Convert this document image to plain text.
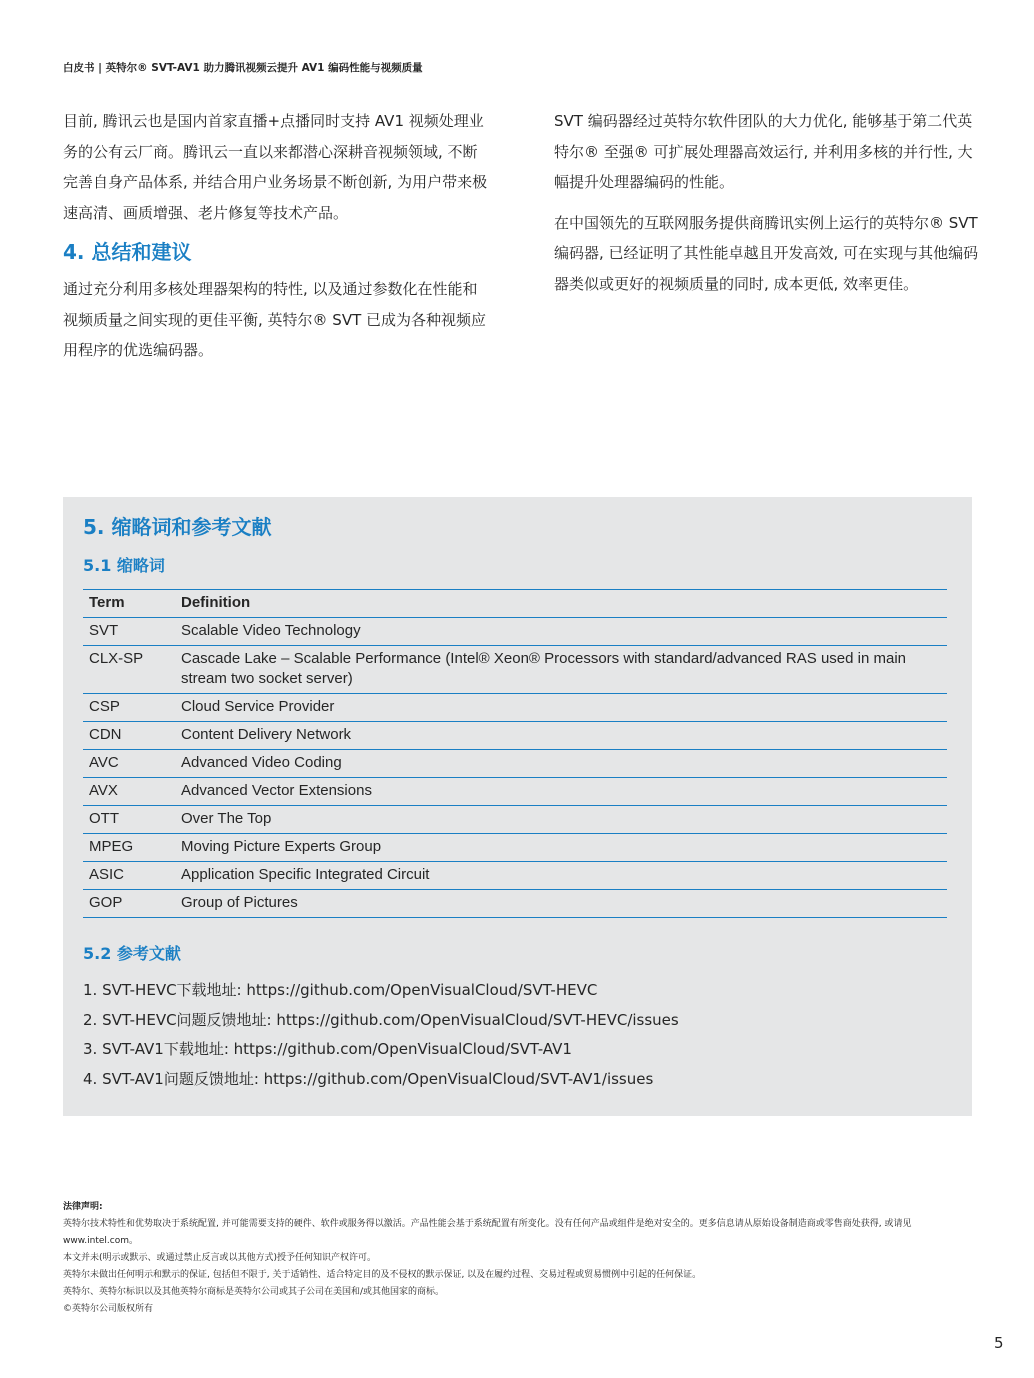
白皮书 | 英特尔® SVT-AV1 助力腾讯视频云提升 AV1 编码性能与视频质量

目前, 腾讯云也是国内首家直播+点播同时支持 AV1 视频处理业务的公有云厂商。腾讯云一直以来都潜心深耕音视频领域, 不断完善自身产品体系, 并结合用户业务场景不断创新, 为用户带来极速高清、画质增强、老片修复等技术产品。

4. 总结和建议

通过充分利用多核处理器架构的特性, 以及通过参数化在性能和视频质量之间实现的更佳平衡, 英特尔® SVT 已成为各种视频应用程序的优选编码器。

SVT 编码器经过英特尔软件团队的大力优化, 能够基于第二代英特尔® 至强® 可扩展处理器高效运行, 并利用多核的并行性, 大幅提升处理器编码的性能。

在中国领先的互联网服务提供商腾讯实例上运行的英特尔® SVT 编码器, 已经证明了其性能卓越且开发高效, 可在实现与其他编码器类似或更好的视频质量的同时, 成本更低, 效率更佳。

5. 缩略词和参考文献
5.1 缩略词
Term	Definition
SVT	Scalable Video Technology
CLX-SP	Cascade Lake – Scalable Performance (Intel® Xeon® Processors with standard/advanced RAS used in main stream two socket server)
CSP	Cloud Service Provider
CDN	Content Delivery Network
AVC	Advanced Video Coding
AVX	Advanced Vector Extensions
OTT	Over The Top
MPEG	Moving Picture Experts Group
ASIC	Application Specific Integrated Circuit
GOP	Group of Pictures
5.2 参考文献
1. SVT-HEVC下载地址: https://github.com/OpenVisualCloud/SVT-HEVC
2. SVT-HEVC问题反馈地址: https://github.com/OpenVisualCloud/SVT-HEVC/issues
3. SVT-AV1下载地址: https://github.com/OpenVisualCloud/SVT-AV1
4. SVT-AV1问题反馈地址: https://github.com/OpenVisualCloud/SVT-AV1/issues

法律声明:

英特尔技术特性和优势取决于系统配置, 并可能需要支持的硬件、软件或服务得以激活。产品性能会基于系统配置有所变化。没有任何产品或组件是绝对安全的。更多信息请从原始设备制造商或零售商处获得, 或请见 www.intel.com。

本文并未(明示或默示、或通过禁止反言或以其他方式)授予任何知识产权许可。

英特尔未做出任何明示和默示的保证, 包括但不限于, 关于适销性、适合特定目的及不侵权的默示保证, 以及在履约过程、交易过程或贸易惯例中引起的任何保证。

英特尔、英特尔标识以及其他英特尔商标是英特尔公司或其子公司在美国和/或其他国家的商标。

©英特尔公司版权所有

5
